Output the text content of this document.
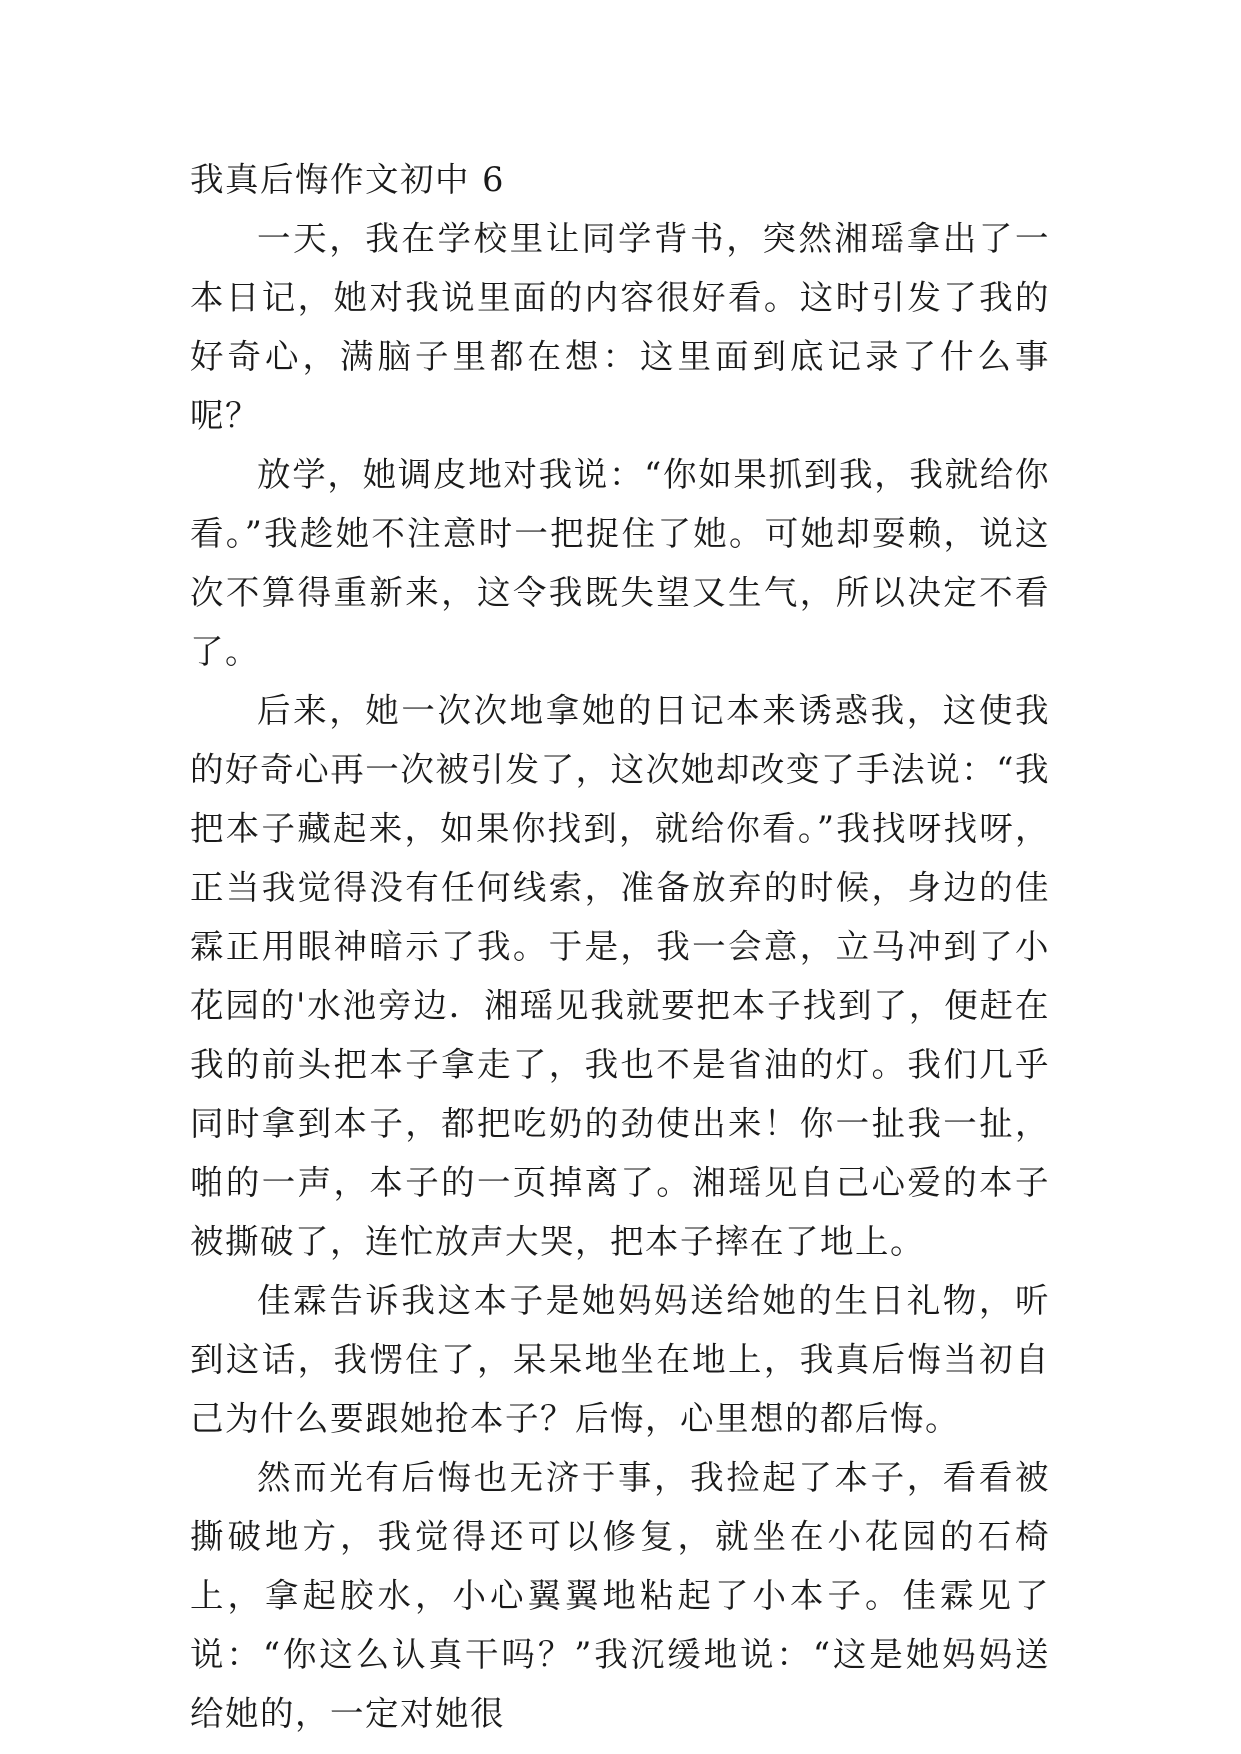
我真后悔作文初中 6

一天，我在学校里让同学背书，突然湘瑶拿出了一本日记，她对我说里面的内容很好看。这时引发了我的好奇心，满脑子里都在想：这里面到底记录了什么事呢？

放学，她调皮地对我说：“你如果抓到我，我就给你看。”我趁她不注意时一把捉住了她。可她却耍赖，说这次不算得重新来，这令我既失望又生气，所以决定不看了。

后来，她一次次地拿她的日记本来诱惑我，这使我的好奇心再一次被引发了，这次她却改变了手法说：“我把本子藏起来，如果你找到，就给你看。”我找呀找呀，正当我觉得没有任何线索，准备放弃的时候，身边的佳霖正用眼神暗示了我。于是，我一会意，立马冲到了小花园的'水池旁边．湘瑶见我就要把本子找到了，便赶在我的前头把本子拿走了，我也不是省油的灯。我们几乎同时拿到本子，都把吃奶的劲使出来！你一扯我一扯，啪的一声，本子的一页掉离了。湘瑶见自己心爱的本子被撕破了，连忙放声大哭，把本子摔在了地上。

佳霖告诉我这本子是她妈妈送给她的生日礼物，听到这话，我愣住了，呆呆地坐在地上，我真后悔当初自己为什么要跟她抢本子？后悔，心里想的都后悔。

然而光有后悔也无济于事，我捡起了本子，看看被撕破地方，我觉得还可以修复，就坐在小花园的石椅上，拿起胶水，小心翼翼地粘起了小本子。佳霖见了说：“你这么认真干吗？”我沉缓地说：“这是她妈妈送给她的，一定对她很
